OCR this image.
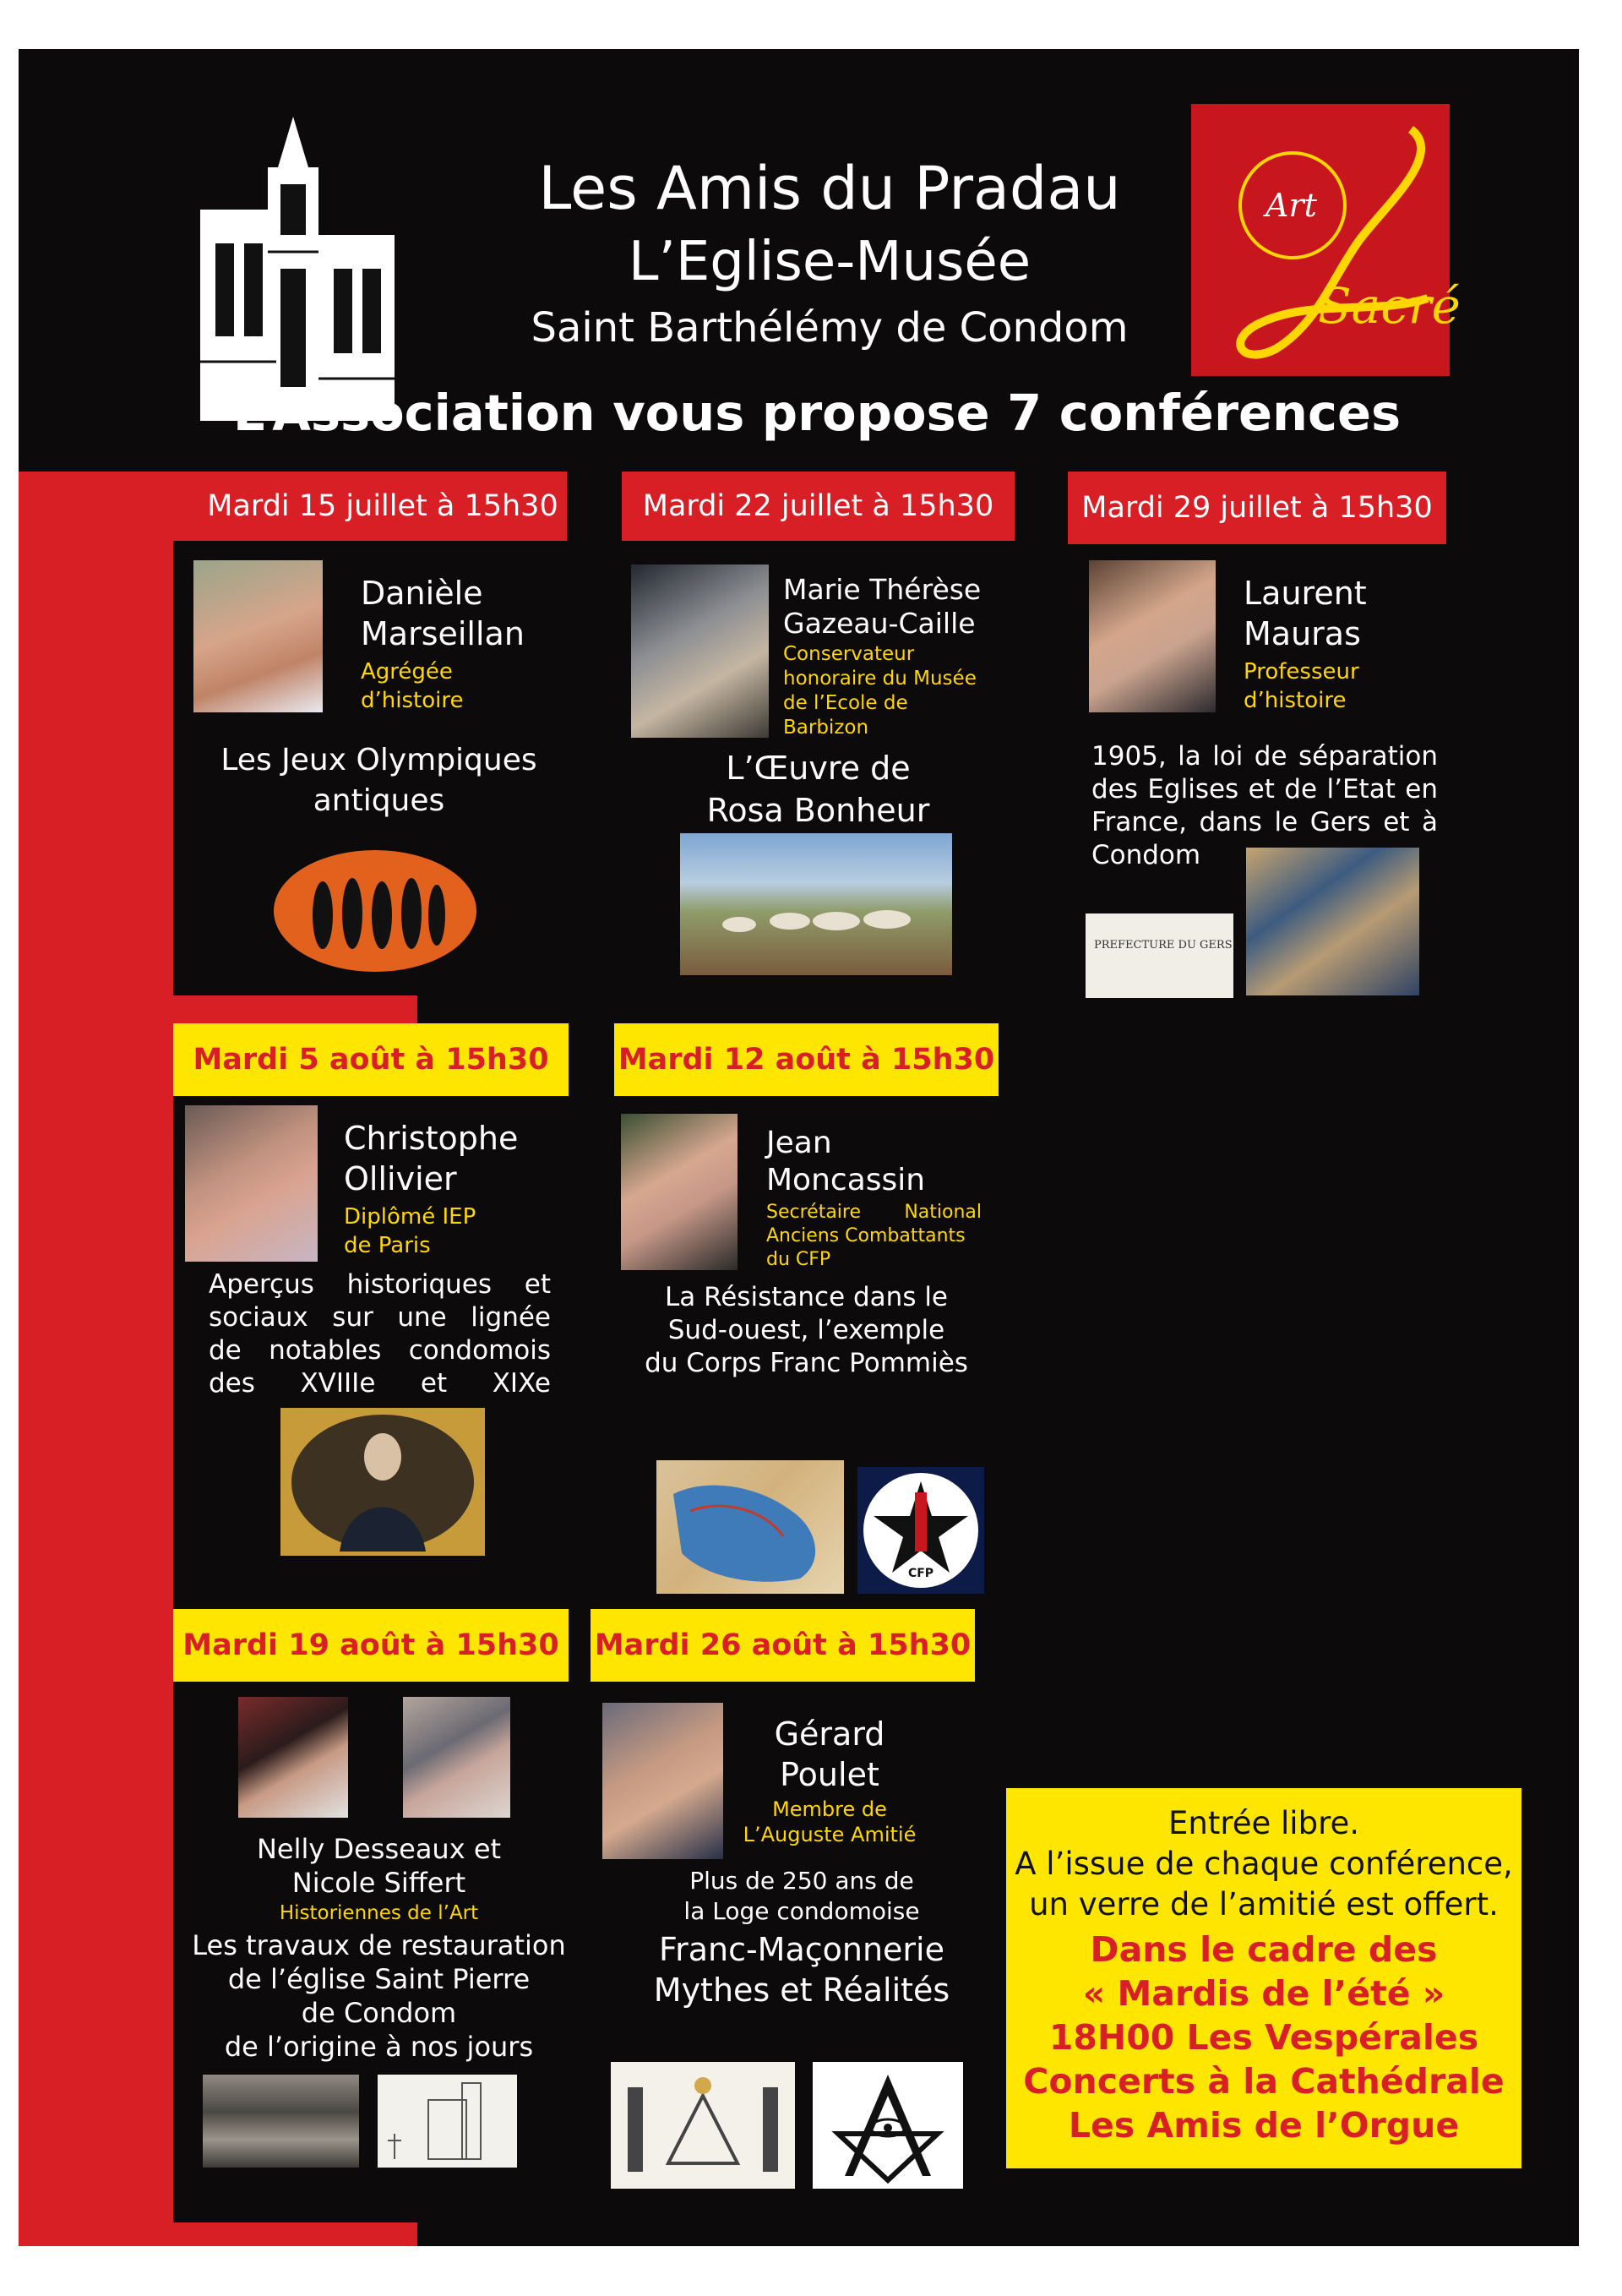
Les Amis du Pradau
L’Eglise-Musée
Saint Barthélémy de Condom
L’Association vous propose 7 conférences
Art
Sacré
Mardi 15 juillet à 15h30
Danièle
Marseillan
Agrégée
d’histoire
Les Jeux Olympiques
antiques
Mardi 22 juillet à 15h30
Marie Thérèse
Gazeau-Caille
Conservateur
honoraire du Musée
de l’Ecole de
Barbizon
L’Œuvre de
Rosa Bonheur
Mardi 29 juillet à 15h30
Laurent
Mauras
Professeur
d’histoire
1905, la loi de séparation
des Eglises et de l’Etat en
France, dans le Gers et à
Condom
PREFECTURE DU GERS
Mardi 5 août à 15h30
Christophe
Ollivier
Diplômé IEP
de Paris
Aperçus historiques et
sociaux sur une lignée
de notables condomois
des XVIIIe et XIXe
Mardi 12 août à 15h30
Jean
Moncassin
Secrétaire National
Anciens Combattants
du CFP
La Résistance dans le
Sud-ouest, l’exemple
du Corps Franc Pommiès
CFP
Mardi 19 août à 15h30
Nelly Desseaux et
Nicole Siffert
Historiennes de l’Art
Les travaux de restauration
de l’église Saint Pierre
de Condom
de l’origine à nos jours
Mardi 26 août à 15h30
Gérard
Poulet
Membre de
L’Auguste Amitié
Plus de 250 ans de
la Loge condomoise
Franc-Maçonnerie
Mythes et Réalités
Entrée libre.
A l’issue de chaque conférence,
un verre de l’amitié est offert.
Dans le cadre des
« Mardis de l’été »
18H00 Les Vespérales
Concerts à la Cathédrale
Les Amis de l’Orgue
